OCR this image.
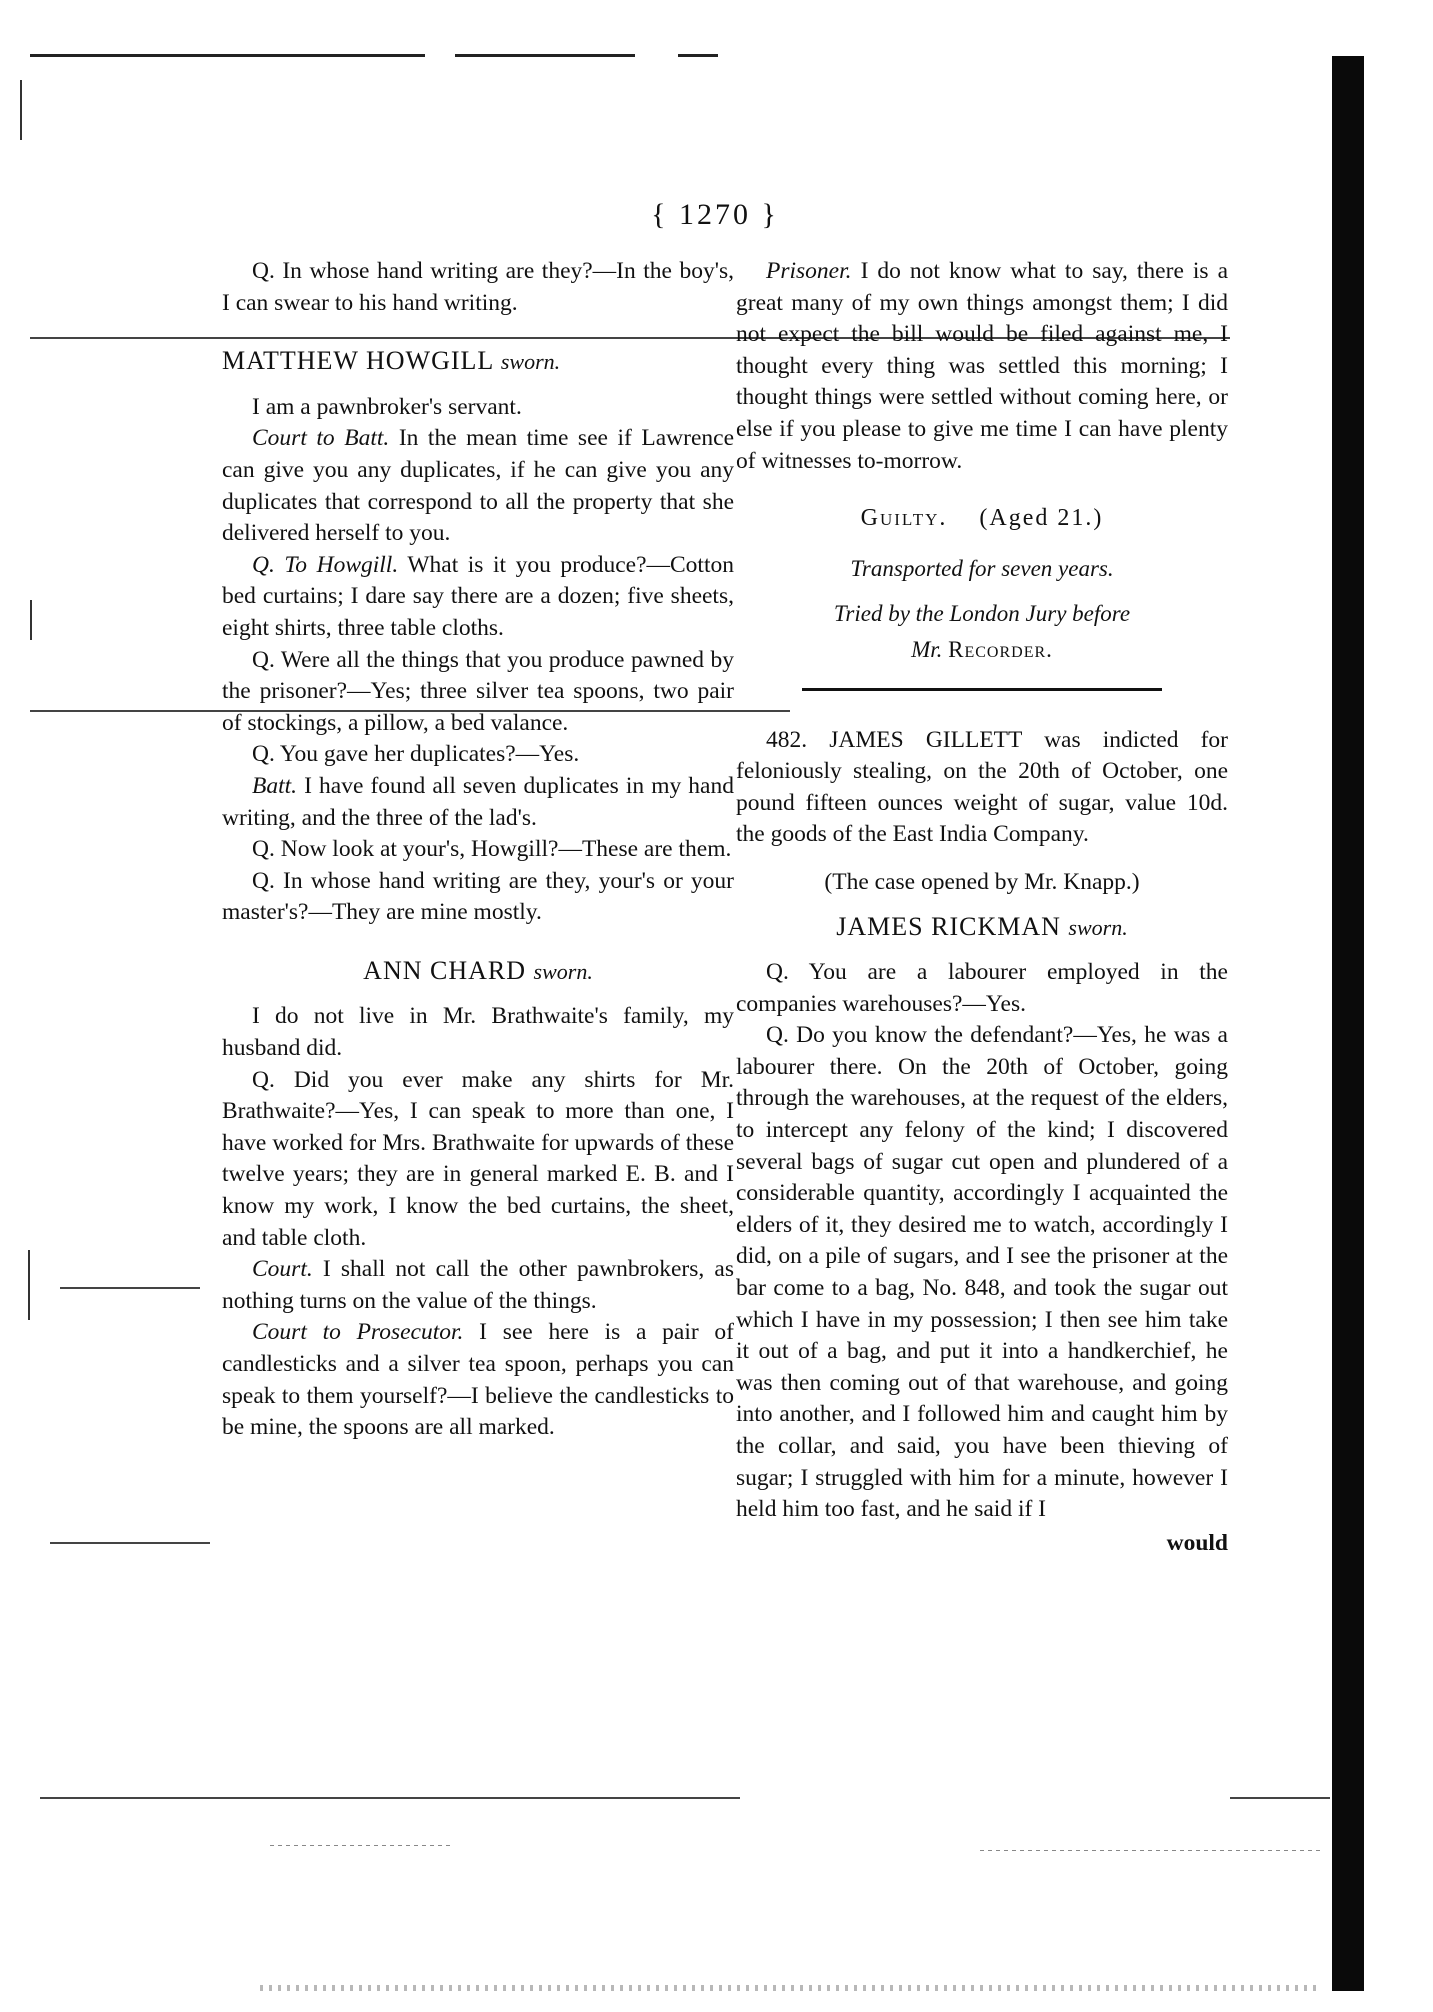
{ 1270 }

Q. In whose hand writing are they?—In the boy's, I can swear to his hand writing.

MATTHEW HOWGILL sworn.

I am a pawnbroker's servant.

Court to Batt. In the mean time see if Lawrence can give you any duplicates, if he can give you any duplicates that correspond to all the property that she delivered herself to you.

Q. To Howgill. What is it you produce?—Cotton bed curtains; I dare say there are a dozen; five sheets, eight shirts, three table cloths.

Q. Were all the things that you produce pawned by the prisoner?—Yes; three silver tea spoons, two pair of stockings, a pillow, a bed valance.

Q. You gave her duplicates?—Yes.

Batt. I have found all seven duplicates in my hand writing, and the three of the lad's.

Q. Now look at your's, Howgill?—These are them.

Q. In whose hand writing are they, your's or your master's?—They are mine mostly.

ANN CHARD sworn.

I do not live in Mr. Brathwaite's family, my husband did.

Q. Did you ever make any shirts for Mr. Brathwaite?—Yes, I can speak to more than one, I have worked for Mrs. Brathwaite for upwards of these twelve years; they are in general marked E. B. and I know my work, I know the bed curtains, the sheet, and table cloth.

Court. I shall not call the other pawnbrokers, as nothing turns on the value of the things.

Court to Prosecutor. I see here is a pair of candlesticks and a silver tea spoon, perhaps you can speak to them yourself?—I believe the candlesticks to be mine, the spoons are all marked.

Prisoner. I do not know what to say, there is a great many of my own things amongst them; I did not expect the bill would be filed against me, I thought every thing was settled this morning; I thought things were settled without coming here, or else if you please to give me time I can have plenty of witnesses to-morrow.

Guilty. (Aged 21.)
Transported for seven years.
Tried by the London Jury before
Mr. Recorder.

482. JAMES GILLETT was indicted for feloniously stealing, on the 20th of October, one pound fifteen ounces weight of sugar, value 10d. the goods of the East India Company.

(The case opened by Mr. Knapp.)
JAMES RICKMAN sworn.

Q. You are a labourer employed in the companies warehouses?—Yes.

Q. Do you know the defendant?—Yes, he was a labourer there. On the 20th of October, going through the warehouses, at the request of the elders, to intercept any felony of the kind; I discovered several bags of sugar cut open and plundered of a considerable quantity, accordingly I acquainted the elders of it, they desired me to watch, accordingly I did, on a pile of sugars, and I see the prisoner at the bar come to a bag, No. 848, and took the sugar out which I have in my possession; I then see him take it out of a bag, and put it into a handkerchief, he was then coming out of that warehouse, and going into another, and I followed him and caught him by the collar, and said, you have been thieving of sugar; I struggled with him for a minute, however I held him too fast, and he said if I

would
